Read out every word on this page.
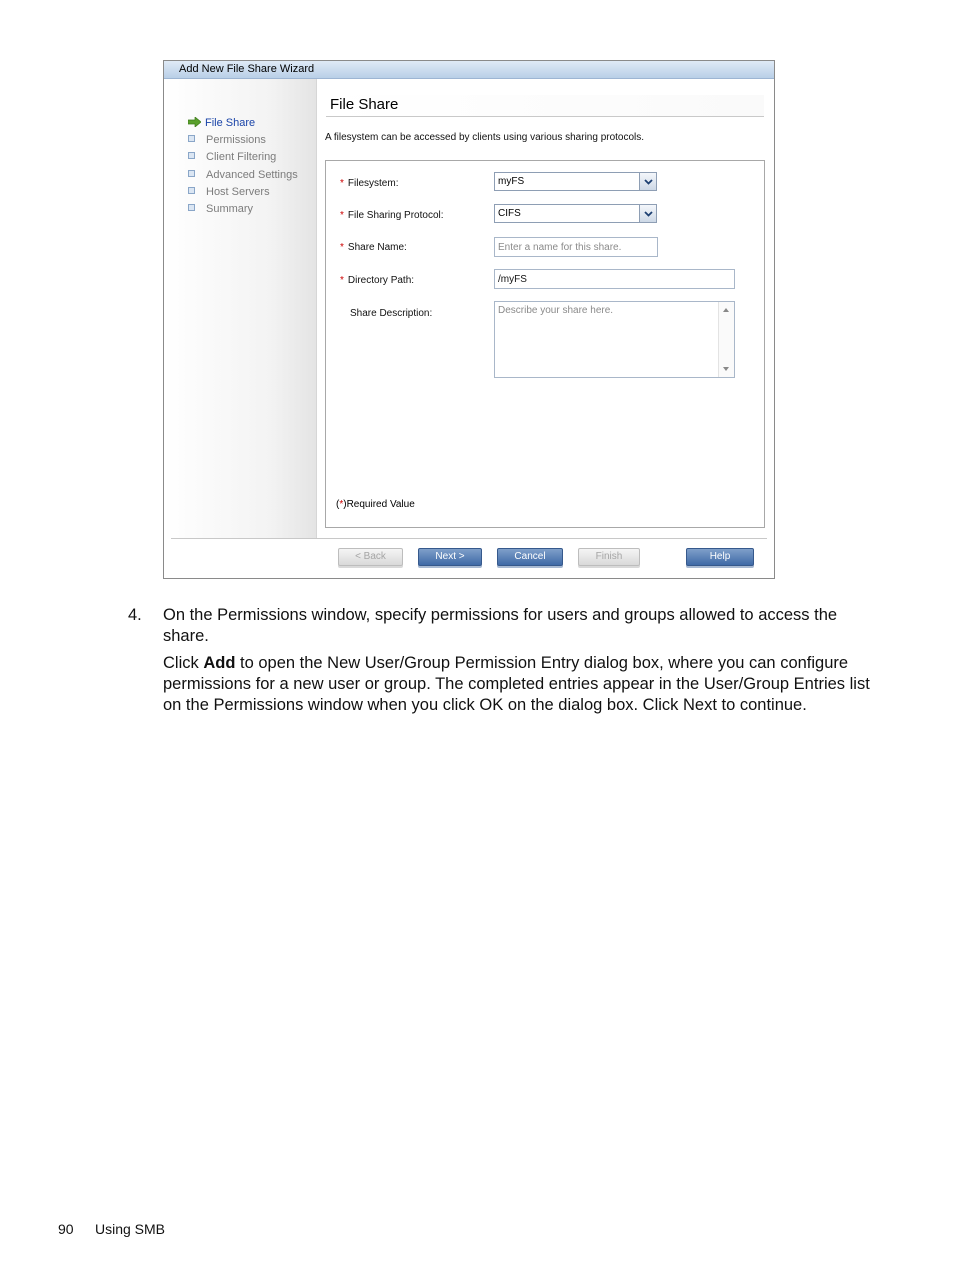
Add New File Share Wizard
File Share
Permissions
Client Filtering
Advanced Settings
Host Servers
Summary
File Share
A filesystem can be accessed by clients using various sharing protocols.
* Filesystem:	myFS
* File Sharing Protocol:	CIFS
* Share Name:
Enter a name for this share.
* Directory Path:
/myFS
Share Description:
Describe your share here.
(*)Required Value
< Back	Next >	Cancel	Finish	Help
4. On the Permissions window, specify permissions for users and groups allowed to access the share.
Click Add to open the New User/Group Permission Entry dialog box, where you can configure permissions for a new user or group. The completed entries appear in the User/Group Entries list on the Permissions window when you click OK on the dialog box. Click Next to continue.
90 Using SMB
